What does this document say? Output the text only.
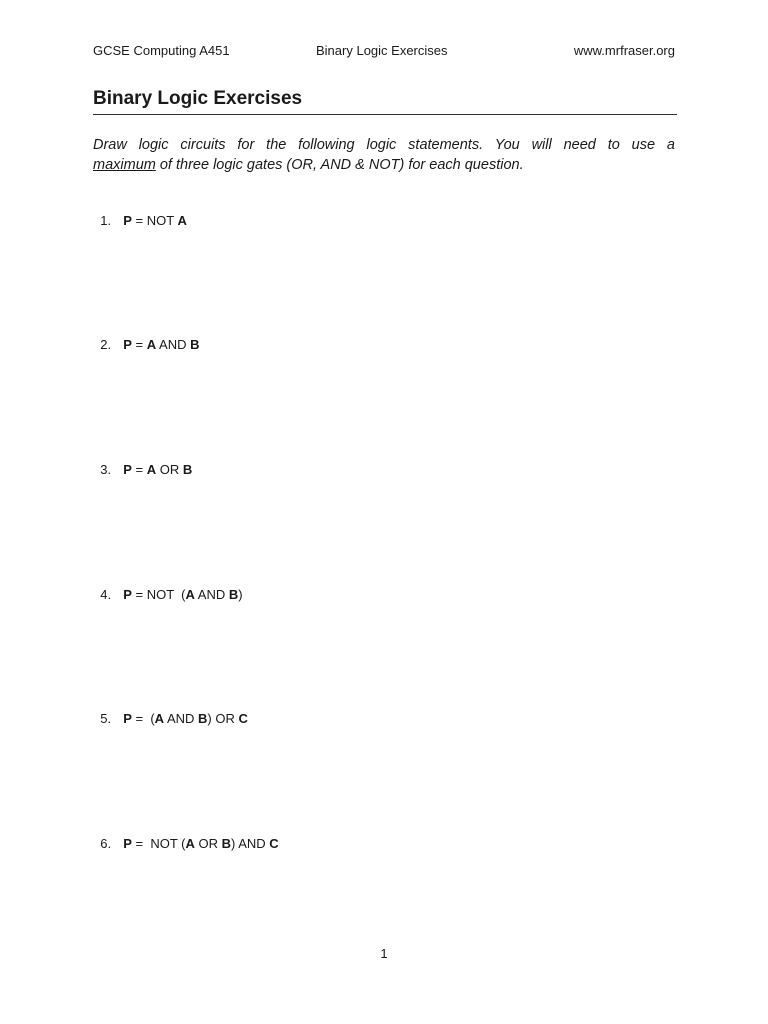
GCSE Computing A451	Binary Logic Exercises	www.mrfraser.org
Binary Logic Exercises

Draw logic circuits for the following logic statements. You will need to use a
maximum of three logic gates (OR, AND & NOT) for each question.

1. P = NOT A

2. P = A AND B

3. P = A OR B

4. P = NOT  (A AND B)

5. P =  (A AND B) OR C

6. P =  NOT (A OR B) AND C

1
